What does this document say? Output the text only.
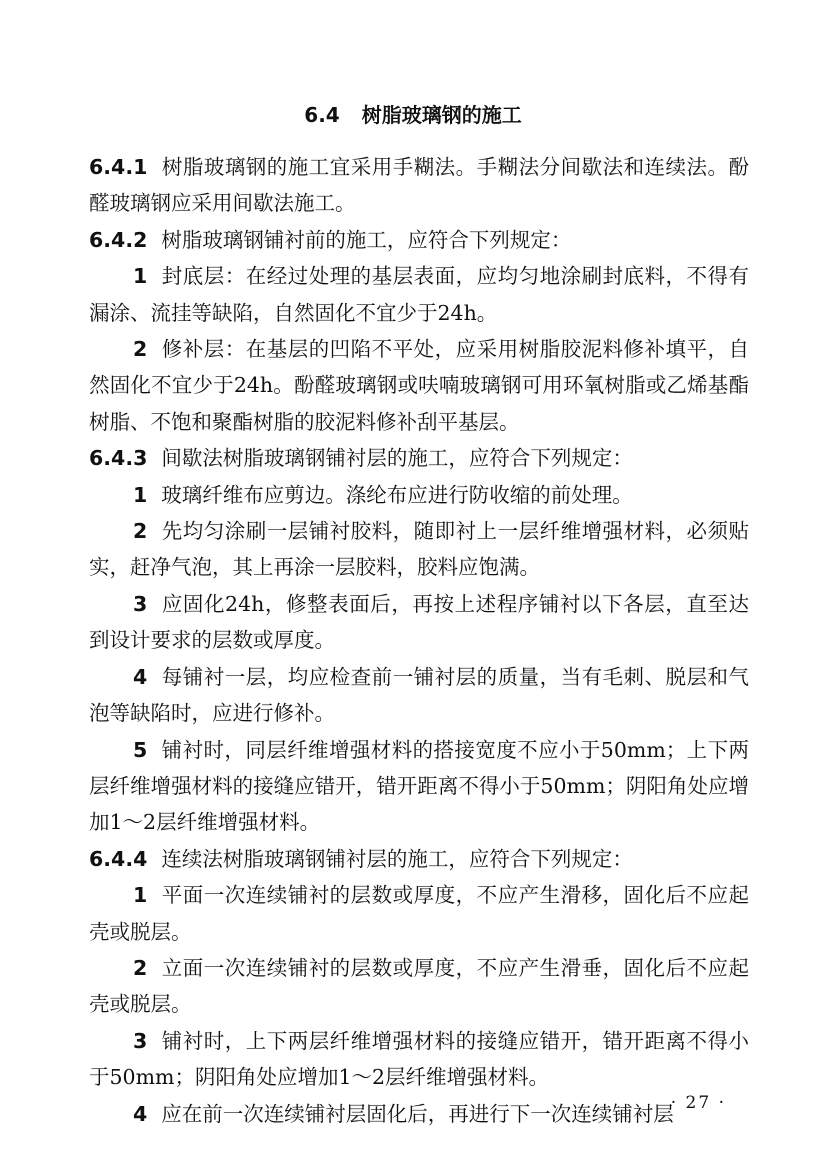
6.4 树脂玻璃钢的施工

6.4.1 树脂玻璃钢的施工宜采用手糊法。手糊法分间歇法和连续法。酚醛玻璃钢应采用间歇法施工。

6.4.2 树脂玻璃钢铺衬前的施工，应符合下列规定：

1 封底层：在经过处理的基层表面，应均匀地涂刷封底料，不得有漏涂、流挂等缺陷，自然固化不宜少于24h。

2 修补层：在基层的凹陷不平处，应采用树脂胶泥料修补填平，自然固化不宜少于24h。酚醛玻璃钢或呋喃玻璃钢可用环氧树脂或乙烯基酯树脂、不饱和聚酯树脂的胶泥料修补刮平基层。

6.4.3 间歇法树脂玻璃钢铺衬层的施工，应符合下列规定：

1 玻璃纤维布应剪边。涤纶布应进行防收缩的前处理。

2 先均匀涂刷一层铺衬胶料，随即衬上一层纤维增强材料，必须贴实，赶净气泡，其上再涂一层胶料，胶料应饱满。

3 应固化24h，修整表面后，再按上述程序铺衬以下各层，直至达到设计要求的层数或厚度。

4 每铺衬一层，均应检查前一铺衬层的质量，当有毛刺、脱层和气泡等缺陷时，应进行修补。

5 铺衬时，同层纤维增强材料的搭接宽度不应小于50mm；上下两层纤维增强材料的接缝应错开，错开距离不得小于50mm；阴阳角处应增加1～2层纤维增强材料。

6.4.4 连续法树脂玻璃钢铺衬层的施工，应符合下列规定：

1 平面一次连续铺衬的层数或厚度，不应产生滑移，固化后不应起壳或脱层。

2 立面一次连续铺衬的层数或厚度，不应产生滑垂，固化后不应起壳或脱层。

3 铺衬时，上下两层纤维增强材料的接缝应错开，错开距离不得小于50mm；阴阳角处应增加1～2层纤维增强材料。

4 应在前一次连续铺衬层固化后，再进行下一次连续铺衬层

· 27 ·
